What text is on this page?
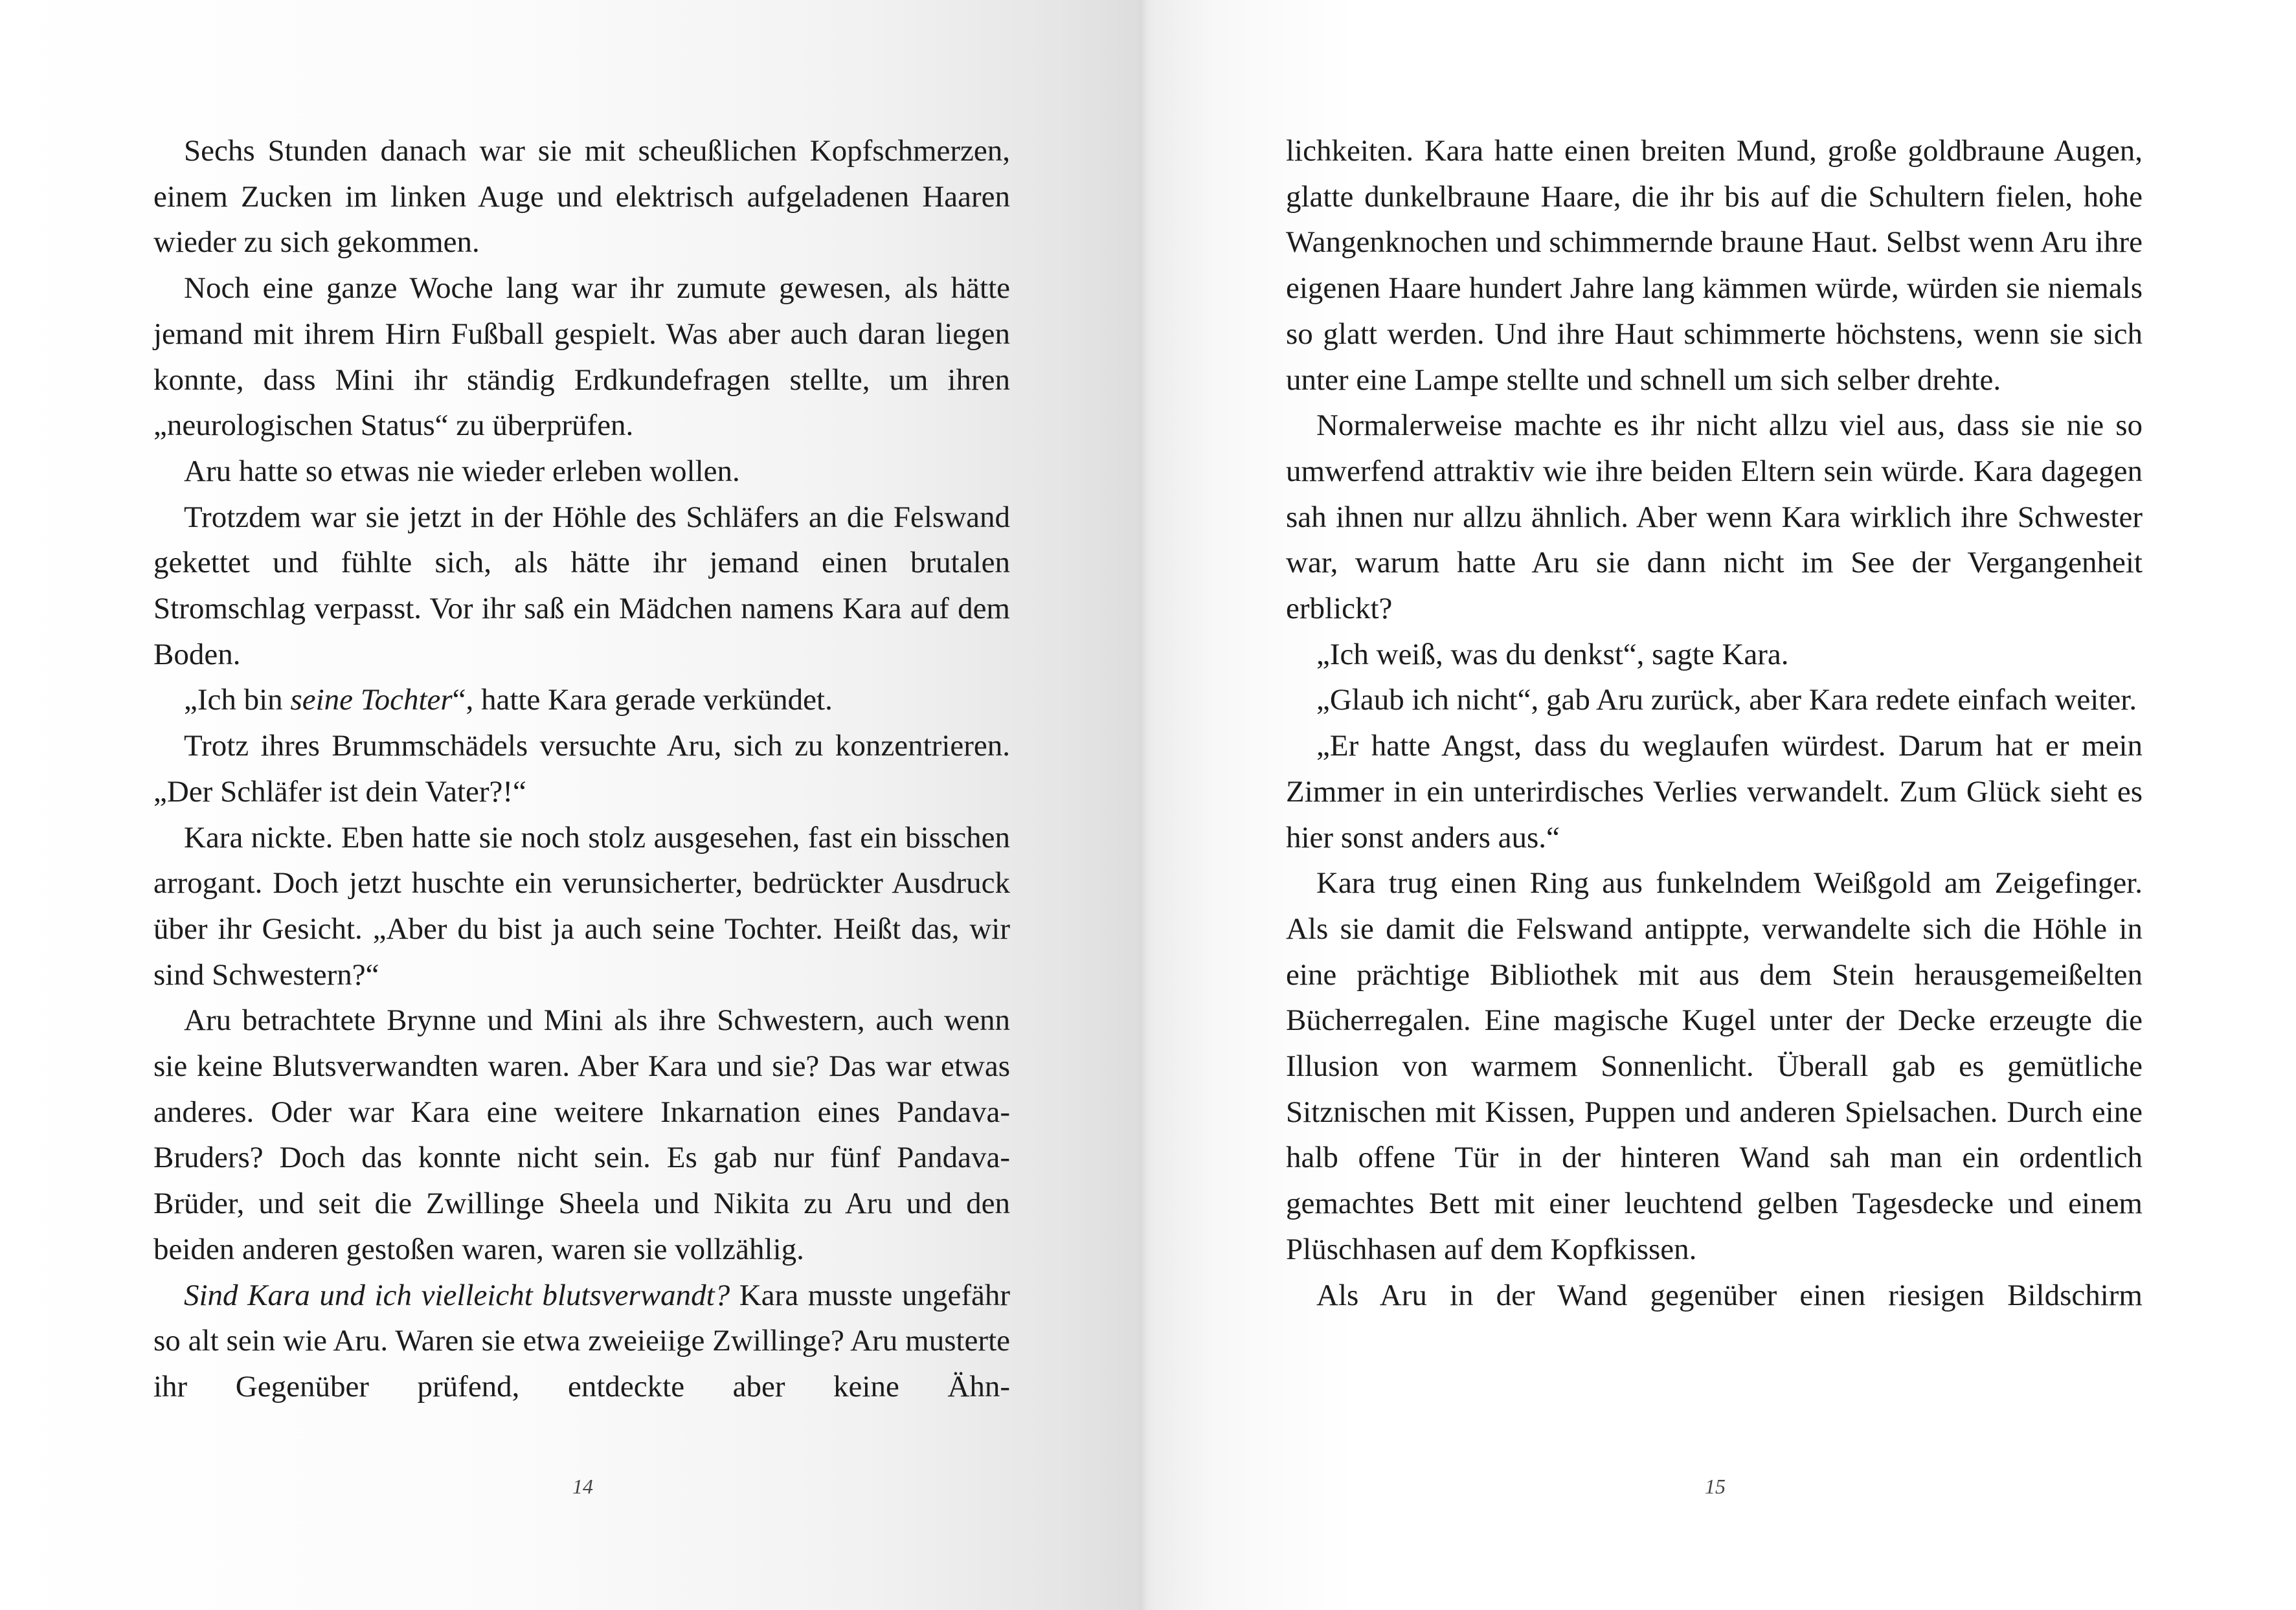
Sechs Stunden danach war sie mit scheußlichen Kopfschmerzen, einem Zucken im linken Auge und elektrisch aufgeladenen Haaren wieder zu sich gekommen.

Noch eine ganze Woche lang war ihr zumute gewesen, als hätte jemand mit ihrem Hirn Fußball gespielt. Was aber auch daran liegen konnte, dass Mini ihr ständig Erdkundefragen stellte, um ihren „neurologischen Status“ zu überprüfen.

Aru hatte so etwas nie wieder erleben wollen.

Trotzdem war sie jetzt in der Höhle des Schläfers an die Felswand gekettet und fühlte sich, als hätte ihr jemand einen brutalen Stromschlag verpasst. Vor ihr saß ein Mädchen namens Kara auf dem Boden.

„Ich bin seine Tochter“, hatte Kara gerade verkündet.

Trotz ihres Brummschädels versuchte Aru, sich zu konzentrieren. „Der Schläfer ist dein Vater?!“

Kara nickte. Eben hatte sie noch stolz ausgesehen, fast ein bisschen arrogant. Doch jetzt huschte ein verunsicherter, bedrückter Ausdruck über ihr Gesicht. „Aber du bist ja auch seine Tochter. Heißt das, wir sind Schwestern?“

Aru betrachtete Brynne und Mini als ihre Schwestern, auch wenn sie keine Blutsverwandten waren. Aber Kara und sie? Das war etwas anderes. Oder war Kara eine weitere Inkarnation eines Pandava-Bruders? Doch das konnte nicht sein. Es gab nur fünf Pandava-Brüder, und seit die Zwillinge Sheela und Nikita zu Aru und den beiden anderen gestoßen waren, waren sie vollzählig.

Sind Kara und ich vielleicht blutsverwandt? Kara musste ungefähr so alt sein wie Aru. Waren sie etwa zweieiige Zwillinge? Aru musterte ihr Gegenüber prüfend, entdeckte aber keine Ähn-

14

lichkeiten. Kara hatte einen breiten Mund, große goldbraune Augen, glatte dunkelbraune Haare, die ihr bis auf die Schultern fielen, hohe Wangenknochen und schimmernde braune Haut. Selbst wenn Aru ihre eigenen Haare hundert Jahre lang kämmen würde, würden sie niemals so glatt werden. Und ihre Haut schimmerte höchstens, wenn sie sich unter eine Lampe stellte und schnell um sich selber drehte.

Normalerweise machte es ihr nicht allzu viel aus, dass sie nie so umwerfend attraktiv wie ihre beiden Eltern sein würde. Kara dagegen sah ihnen nur allzu ähnlich. Aber wenn Kara wirklich ihre Schwester war, warum hatte Aru sie dann nicht im See der Vergangenheit erblickt?

„Ich weiß, was du denkst“, sagte Kara.

„Glaub ich nicht“, gab Aru zurück, aber Kara redete einfach weiter.

„Er hatte Angst, dass du weglaufen würdest. Darum hat er mein Zimmer in ein unterirdisches Verlies verwandelt. Zum Glück sieht es hier sonst anders aus.“

Kara trug einen Ring aus funkelndem Weißgold am Zeigefinger. Als sie damit die Felswand antippte, verwandelte sich die Höhle in eine prächtige Bibliothek mit aus dem Stein herausgemeißelten Bücherregalen. Eine magische Kugel unter der Decke erzeugte die Illusion von warmem Sonnenlicht. Überall gab es gemütliche Sitznischen mit Kissen, Puppen und anderen Spielsachen. Durch eine halb offene Tür in der hinteren Wand sah man ein ordentlich gemachtes Bett mit einer leuchtend gelben Tagesdecke und einem Plüschhasen auf dem Kopfkissen.

Als Aru in der Wand gegenüber einen riesigen Bildschirm

15
